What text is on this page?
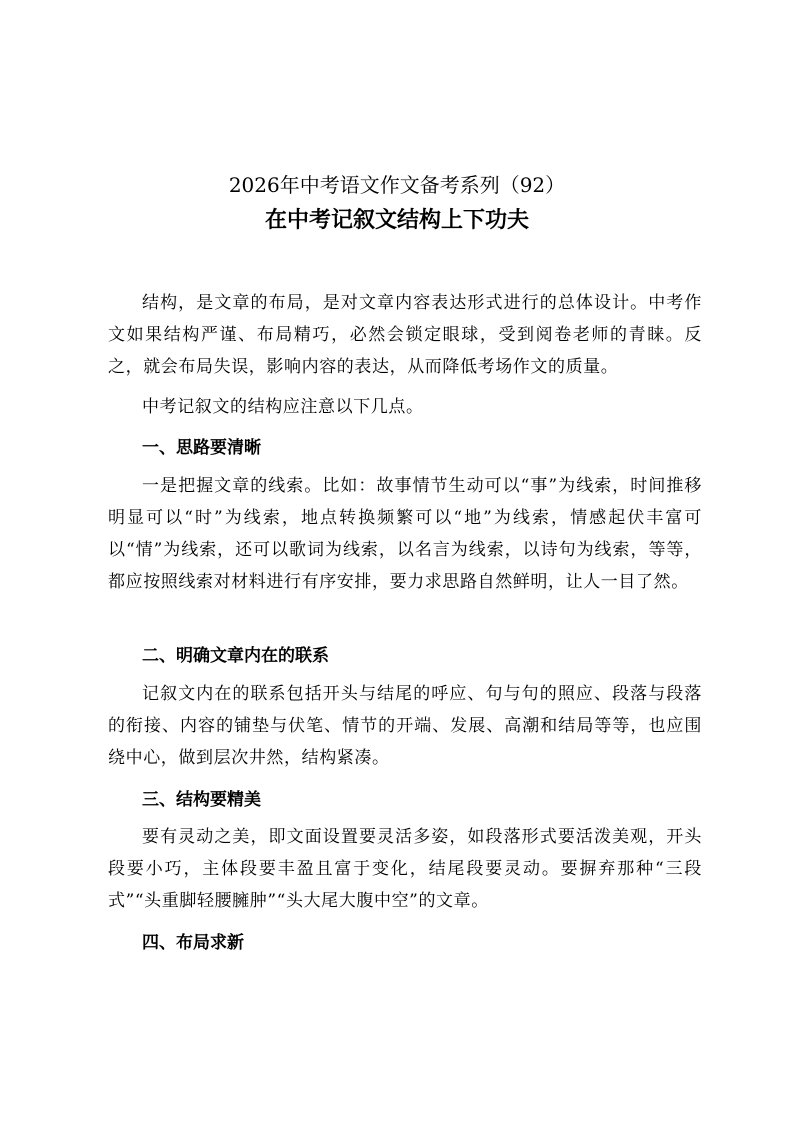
2026年中考语文作文备考系列（92）
在中考记叙文结构上下功夫
结构，是文章的布局，是对文章内容表达形式进行的总体设计。中考作文如果结构严谨、布局精巧，必然会锁定眼球，受到阅卷老师的青睐。反之，就会布局失误，影响内容的表达，从而降低考场作文的质量。
中考记叙文的结构应注意以下几点。
一、思路要清晰
一是把握文章的线索。比如：故事情节生动可以“事”为线索，时间推移明显可以“时”为线索，地点转换频繁可以“地”为线索，情感起伏丰富可以“情”为线索，还可以歌词为线索，以名言为线索，以诗句为线索，等等，都应按照线索对材料进行有序安排，要力求思路自然鲜明，让人一目了然。
二、明确文章内在的联系
记叙文内在的联系包括开头与结尾的呼应、句与句的照应、段落与段落的衔接、内容的铺垫与伏笔、情节的开端、发展、高潮和结局等等，也应围绕中心，做到层次井然，结构紧凑。
三、结构要精美
要有灵动之美，即文面设置要灵活多姿，如段落形式要活泼美观，开头段要小巧，主体段要丰盈且富于变化，结尾段要灵动。要摒弃那种“三段式”“头重脚轻腰臃肿”“头大尾大腹中空”的文章。
四、布局求新
